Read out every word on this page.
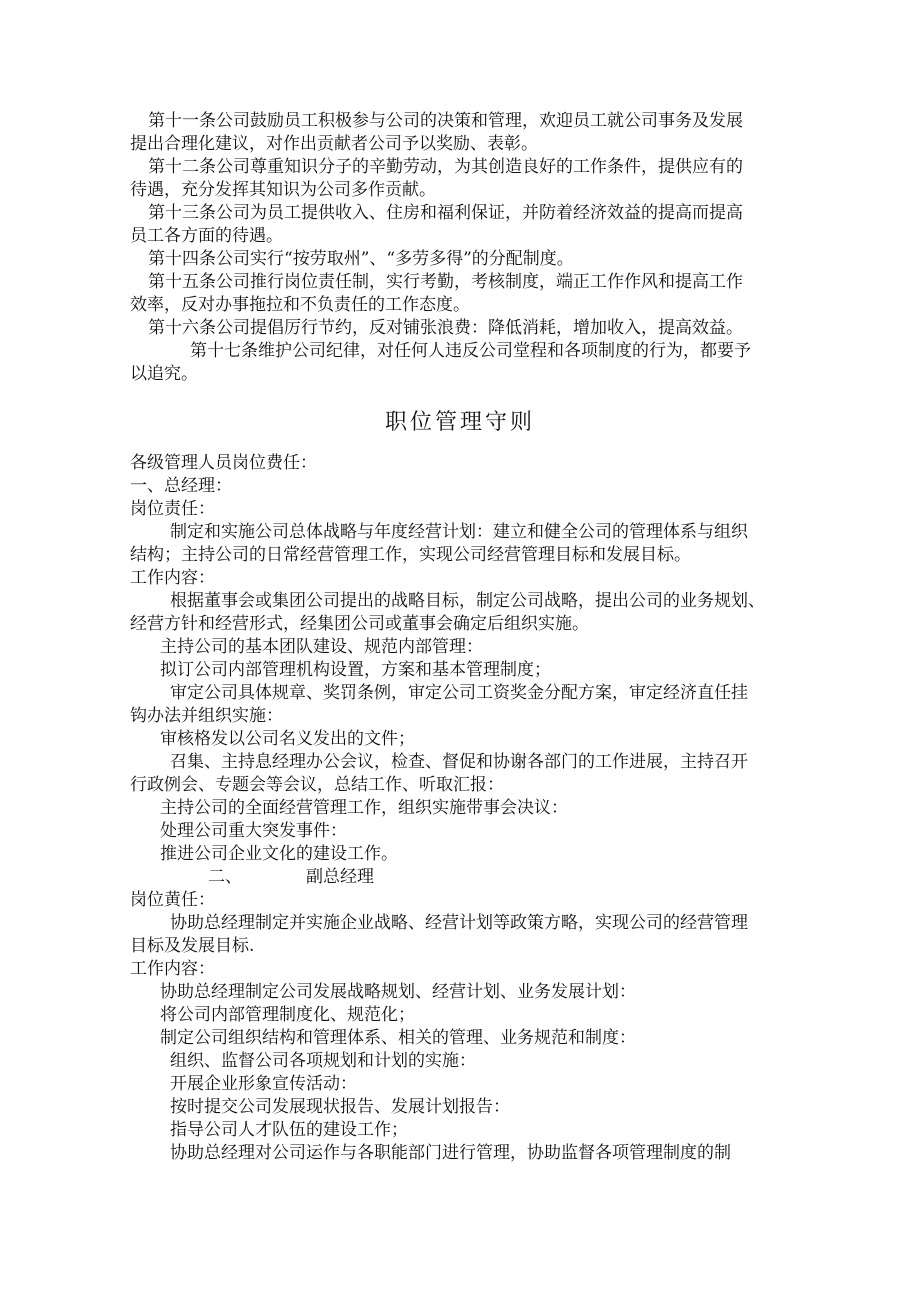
第十一条公司鼓励员工积极参与公司的决策和管理，欢迎员工就公司事务及发展
提出合理化建议，对作出贡献者公司予以奖励、表彰。
第十二条公司尊重知识分子的辛勤劳动，为其创造良好的工作条件，提供应有的
待遇，充分发挥其知识为公司多作贡献。
第十三条公司为员工提供收入、住房和福利保证，并防着经济效益的提高而提高
员工各方面的待遇。
第十四条公司实行“按劳取州”、“多劳多得”的分配制度。
第十五条公司推行岗位责任制，实行考勤，考核制度，端正工作作风和提高工作
效率，反对办事拖拉和不负责任的工作态度。
第十六条公司提倡厉行节约，反对铺张浪费：降低消耗，增加收入，提高效益。
第十七条维护公司纪律，对任何人违反公司堂程和各项制度的行为，都要予
以追究。
职位管理守则
各级管理人员岗位费任：
一、总经理：
岗位责任：
制定和实施公司总体战略与年度经营计划：建立和健全公司的管理体系与组织
结构；主持公司的日常经营管理工作，实现公司经营管理目标和发展目标。
工作内容：
根据董事会或集团公司提出的战略目标，制定公司战略，提出公司的业务规划、
经营方针和经营形式，经集团公司或董事会确定后组织实施。
主持公司的基本团队建设、规范内部管理：
拟订公司内部管理机构设置，方案和基本管理制度；
审定公司具体规章、奖罚条例，审定公司工资奖金分配方案，审定经济直任挂
钩办法并组织实施：
审核格发以公司名义发出的文件；
召集、主持息经理办公会议，检查、督促和协谢各部门的工作进展，主持召开
行政例会、专题会等会议，总结工作、听取汇报：
主持公司的全面经营管理工作，组织实施带事会决议：
处理公司重大突发事件：
推进公司企业文化的建设工作。
二、	副总经理
岗位黄任：
协助总经理制定并实施企业战略、经营计划等政策方略，实现公司的经营管理
目标及发展目标.
工作内容：
协助总经理制定公司发展战略规划、经营计划、业务发展计划：
将公司内部管理制度化、规范化；
制定公司组织结构和管理体系、相关的管理、业务规范和制度：
组织、监督公司各项规划和计划的实施：
开展企业形象宣传活动：
按时提交公司发展现状报告、发展计划报告：
指导公司人才队伍的建设工作；
协助总经理对公司运作与各职能部门进行管理，协助监督各项管理制度的制
